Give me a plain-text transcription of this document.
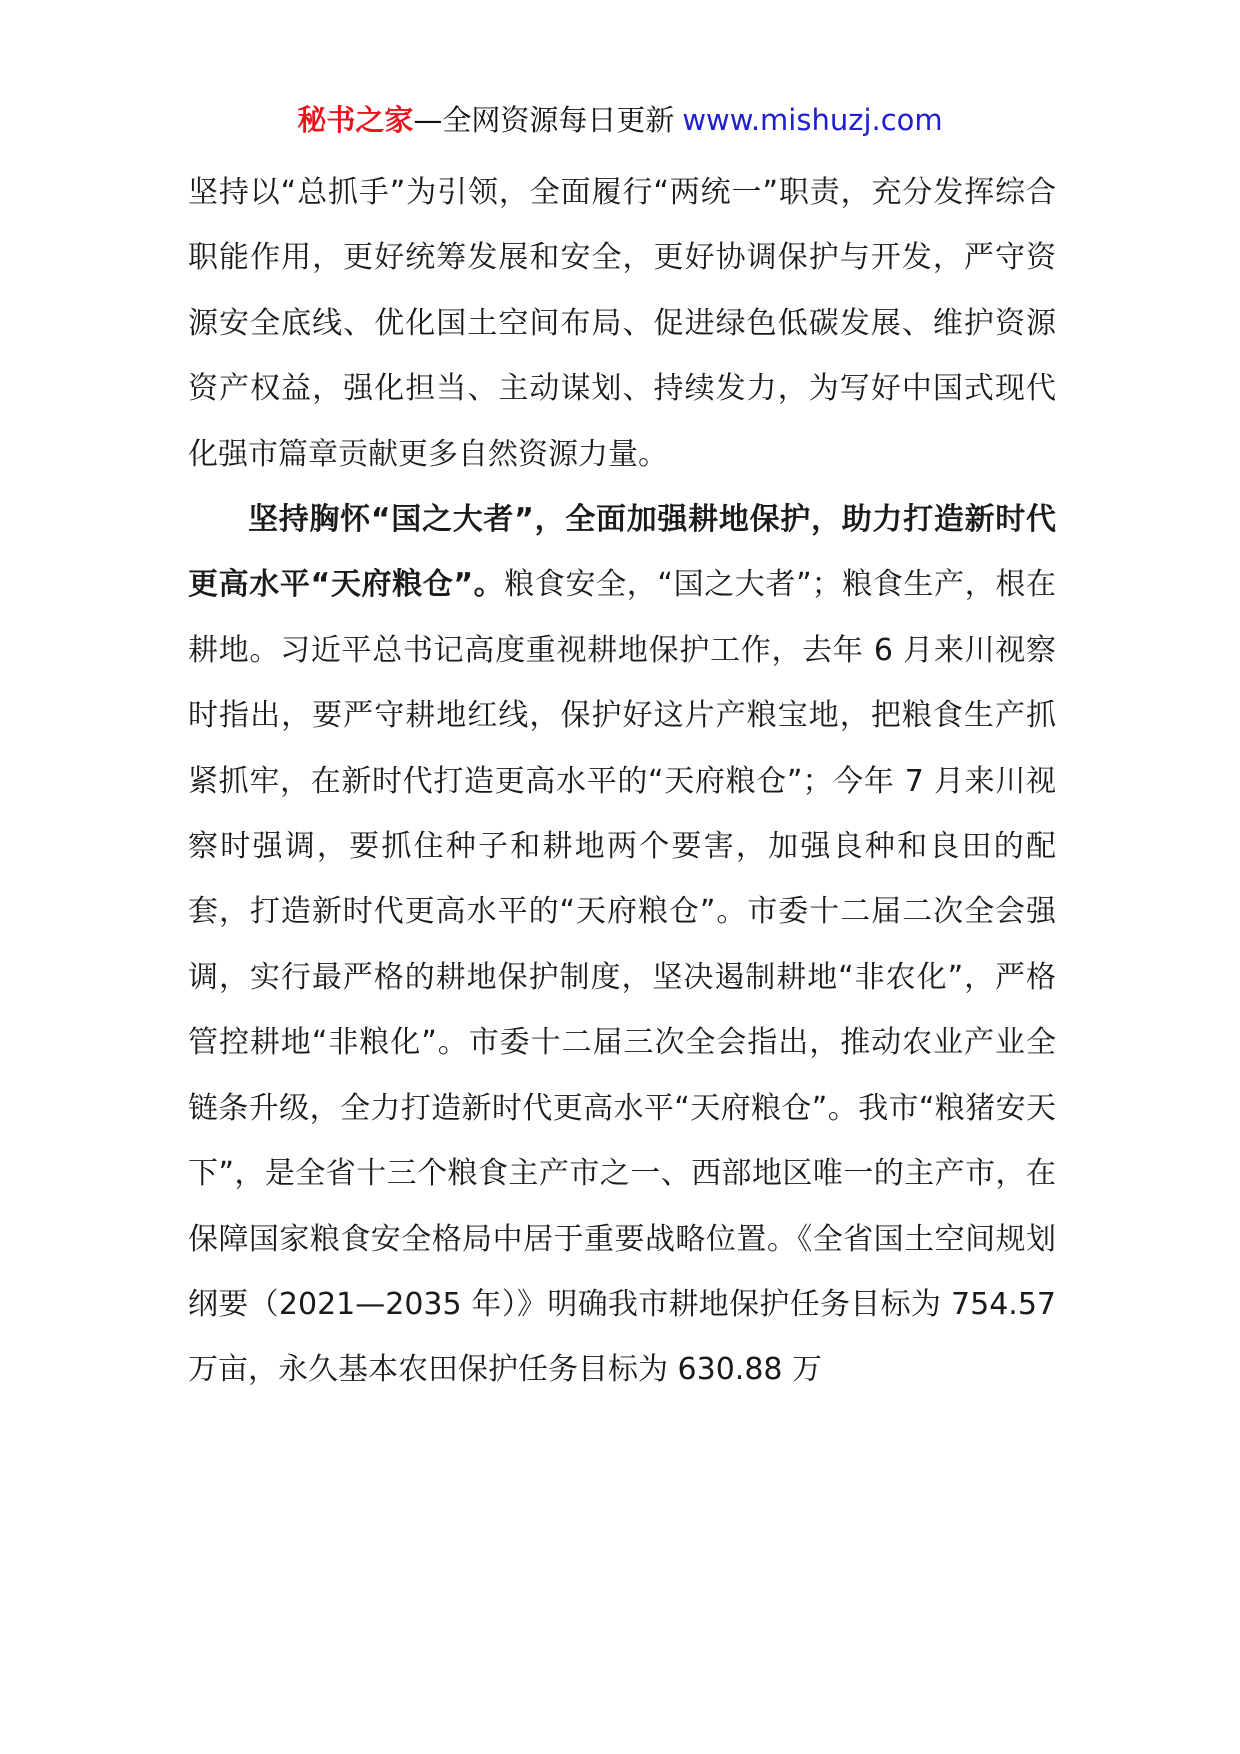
秘书之家—全网资源每日更新 www.mishuzj.com

坚持以“总抓手”为引领，全面履行“两统一”职责，充分发挥综合职能作用，更好统筹发展和安全，更好协调保护与开发，严守资源安全底线、优化国土空间布局、促进绿色低碳发展、维护资源资产权益，强化担当、主动谋划、持续发力，为写好中国式现代化强市篇章贡献更多自然资源力量。

坚持胸怀“国之大者”，全面加强耕地保护，助力打造新时代更高水平“天府粮仓”。粮食安全，“国之大者”；粮食生产，根在耕地。习近平总书记高度重视耕地保护工作，去年 6 月来川视察时指出，要严守耕地红线，保护好这片产粮宝地，把粮食生产抓紧抓牢，在新时代打造更高水平的“天府粮仓”；今年 7 月来川视察时强调，要抓住种子和耕地两个要害，加强良种和良田的配套，打造新时代更高水平的“天府粮仓”。市委十二届二次全会强调，实行最严格的耕地保护制度，坚决遏制耕地“非农化”，严格管控耕地“非粮化”。市委十二届三次全会指出，推动农业产业全链条升级，全力打造新时代更高水平“天府粮仓”。我市“粮猪安天下”，是全省十三个粮食主产市之一、西部地区唯一的主产市，在保障国家粮食安全格局中居于重要战略位置。《全省国土空间规划纲要（2021—2035 年）》明确我市耕地保护任务目标为 754.57 万亩，永久基本农田保护任务目标为 630.88 万
